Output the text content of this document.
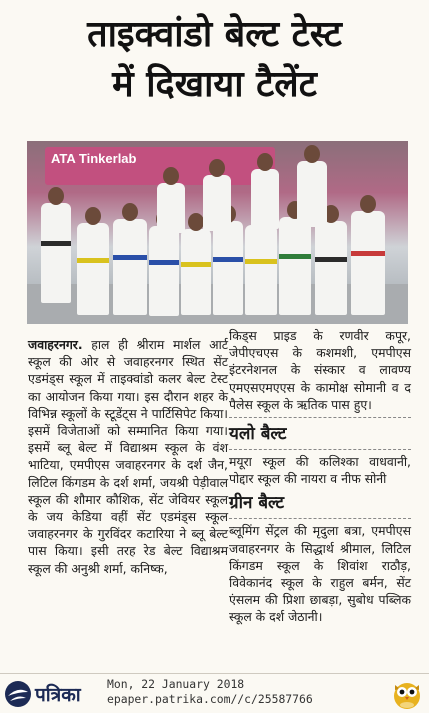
ताइक्वांडो बेल्ट टेस्ट
में दिखाया टैलेंट
ATA Tinkerlab

जवाहरनगर. हाल ही श्रीराम मार्शल आर्ट स्कूल की ओर से जवाहरनगर स्थित सेंट एडमंड्स स्कूल में ताइक्वांडो कलर बेल्ट टेस्ट का आयोजन किया गया। इस दौरान शहर के विभिन्न स्कूलों के स्टूडेंट्स ने पार्टिसिपेट किया। इसमें विजेताओं को सम्मानित किया गया। इसमें ब्लू बेल्ट में विद्याश्रम स्कूल के वंश भाटिया, एमपीएस जवाहरनगर के दर्श जैन, लिटिल किंगडम के दर्श शर्मा, जयश्री पेड़ीवाल स्कूल की शौमार कौशिक, सेंट जेवियर स्कूल के जय केडिया वहीं सेंट एडमंड्स स्कूल जवाहरनगर के गुरविंदर कटारिया ने ब्लू बेल्ट पास किया। इसी तरह रेड बेल्ट विद्याश्रम स्कूल की अनुश्री शर्मा, कनिष्क,

किड्स प्राइड के रणवीर कपूर, जेपीएचएस के कशमशी, एमपीएस इंटरनेशनल के संस्कार व लावण्य एमएसएमएएस के कामोक्ष सोमानी व द पैलेस स्कूल के ऋतिक पास हुए।

यलो बैल्ट

मयूरा स्कूल की कलिश्का वाधवानी, पोद्दार स्कूल की नायरा व नीफ सोनी

ग्रीन बैल्ट

ब्लूमिंग सेंट्रल की मृदुला बत्रा, एमपीएस जवाहरनगर के सिद्धार्थ श्रीमाल, लिटिल किंगडम स्कूल के शिवांश राठौड़, विवेकानंद स्कूल के राहुल बर्मन, सेंट एंसलम की प्रिशा छाबड़ा, सुबोध पब्लिक स्कूल के दर्श जेठानी।

पत्रिका Mon, 22 January 2018
epaper.patrika.com//c/25587766
